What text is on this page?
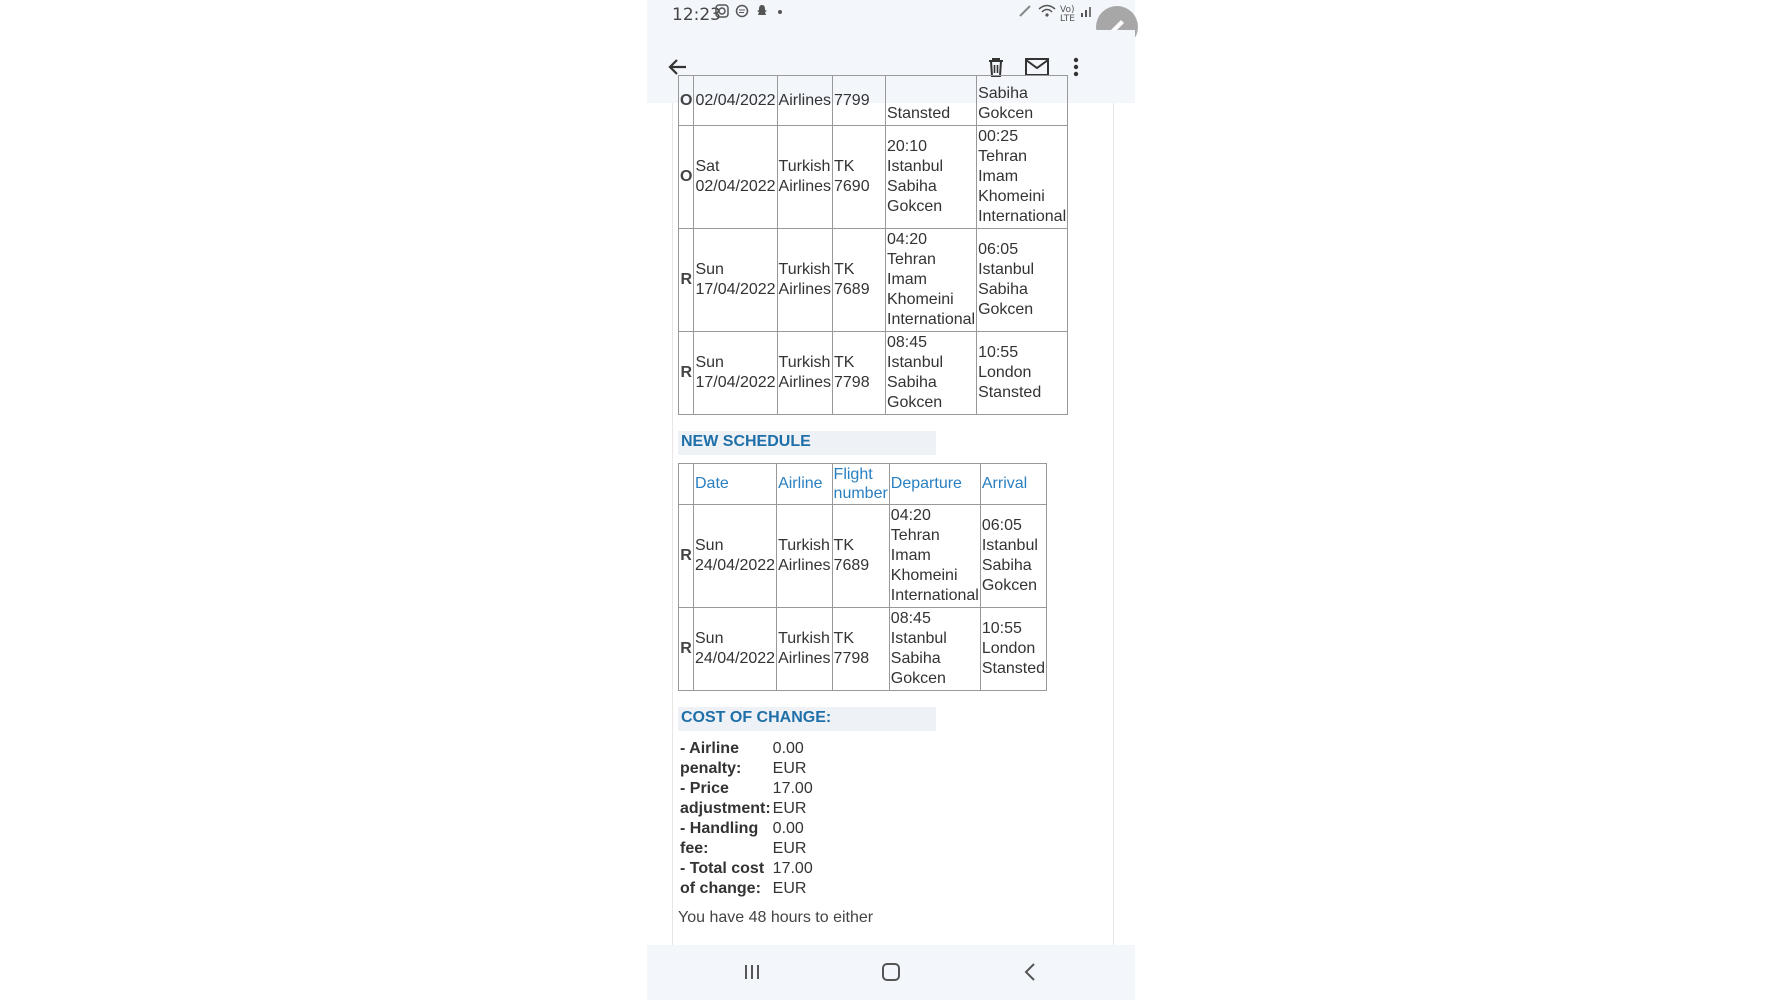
12:23	Vo)
LTE
O	02/04/2022	Airlines	7799	Stansted	Sabiha Gokcen
O	Sat 02/04/2022	Turkish Airlines	TK 7690	20:10 Istanbul Sabiha Gokcen	00:25 Tehran Imam Khomeini International
R	Sun 17/04/2022	Turkish Airlines	TK 7689	04:20 Tehran Imam Khomeini International	06:05 Istanbul Sabiha Gokcen
R	Sun 17/04/2022	Turkish Airlines	TK 7798	08:45 Istanbul Sabiha Gokcen	10:55 London Stansted
NEW SCHEDULE
	Date	Airline	Flight number	Departure	Arrival
R	Sun 24/04/2022	Turkish Airlines	TK 7689	04:20 Tehran Imam Khomeini International	06:05 Istanbul Sabiha Gokcen
R	Sun 24/04/2022	Turkish Airlines	TK 7798	08:45 Istanbul Sabiha Gokcen	10:55 London Stansted
COST OF CHANGE:
- Airline penalty:	0.00 EUR
- Price adjustment:	17.00 EUR
- Handling fee:	0.00 EUR
- Total cost of change:	17.00 EUR
You have 48 hours to either
